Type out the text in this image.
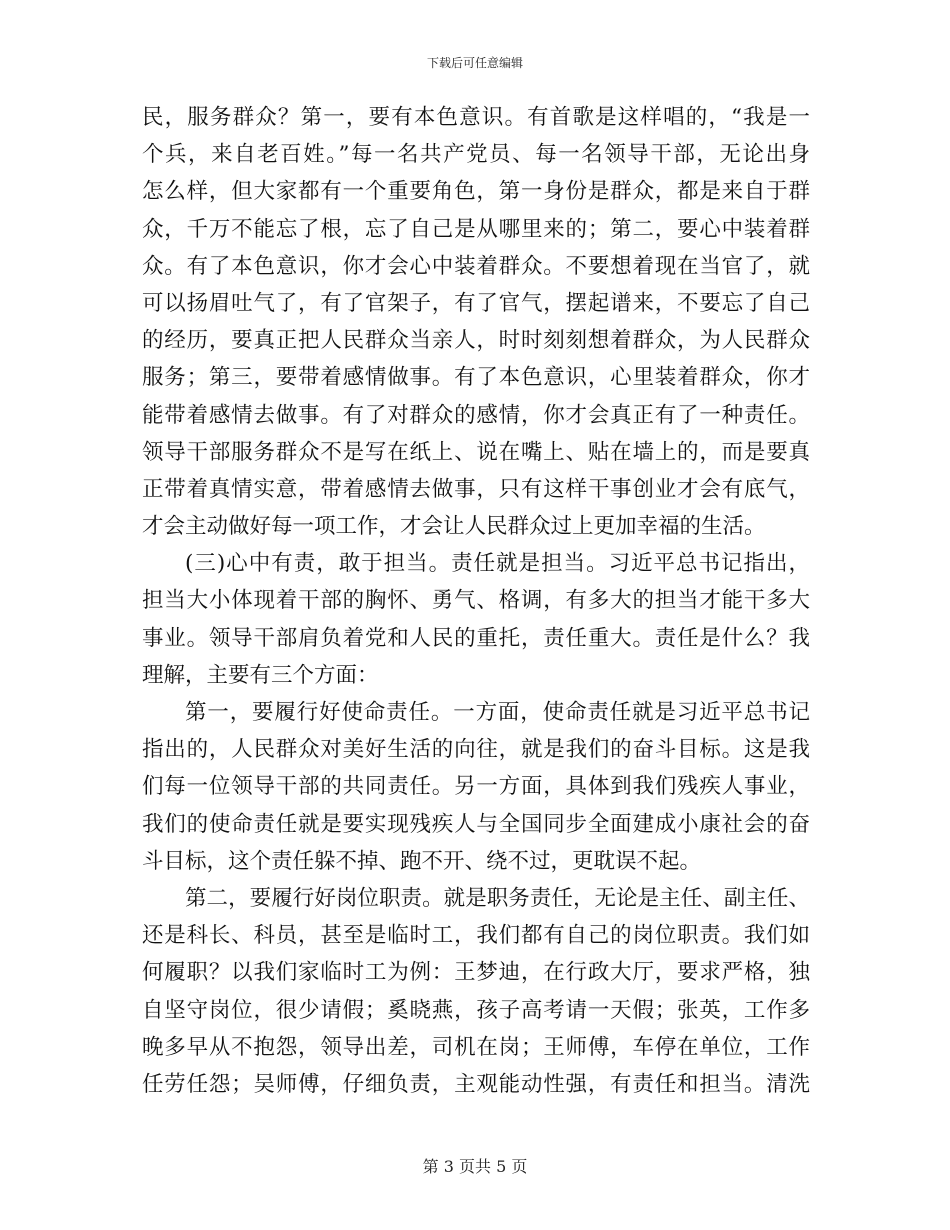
下载后可任意编辑
民，服务群众？第一，要有本色意识。有首歌是这样唱的，“我是一
个兵，来自老百姓。”每一名共产党员、每一名领导干部，无论出身
怎么样，但大家都有一个重要角色，第一身份是群众，都是来自于群
众，千万不能忘了根，忘了自己是从哪里来的；第二，要心中装着群
众。有了本色意识，你才会心中装着群众。不要想着现在当官了，就
可以扬眉吐气了，有了官架子，有了官气，摆起谱来，不要忘了自己
的经历，要真正把人民群众当亲人，时时刻刻想着群众，为人民群众
服务；第三，要带着感情做事。有了本色意识，心里装着群众，你才
能带着感情去做事。有了对群众的感情，你才会真正有了一种责任。
领导干部服务群众不是写在纸上、说在嘴上、贴在墙上的，而是要真
正带着真情实意，带着感情去做事，只有这样干事创业才会有底气，
才会主动做好每一项工作，才会让人民群众过上更加幸福的生活。
(三)心中有责，敢于担当。责任就是担当。习近平总书记指出，
担当大小体现着干部的胸怀、勇气、格调，有多大的担当才能干多大
事业。领导干部肩负着党和人民的重托，责任重大。责任是什么？我
理解，主要有三个方面：
第一，要履行好使命责任。一方面，使命责任就是习近平总书记
指出的，人民群众对美好生活的向往，就是我们的奋斗目标。这是我
们每一位领导干部的共同责任。另一方面，具体到我们残疾人事业，
我们的使命责任就是要实现残疾人与全国同步全面建成小康社会的奋
斗目标，这个责任躲不掉、跑不开、绕不过，更耽误不起。
第二，要履行好岗位职责。就是职务责任，无论是主任、副主任、
还是科长、科员，甚至是临时工，我们都有自己的岗位职责。我们如
何履职？以我们家临时工为例：王梦迪，在行政大厅，要求严格，独
自坚守岗位，很少请假；奚晓燕，孩子高考请一天假；张英，工作多
晚多早从不抱怨，领导出差，司机在岗；王师傅，车停在单位，工作
任劳任怨；吴师傅，仔细负责，主观能动性强，有责任和担当。清洗
第 3 页共 5 页
